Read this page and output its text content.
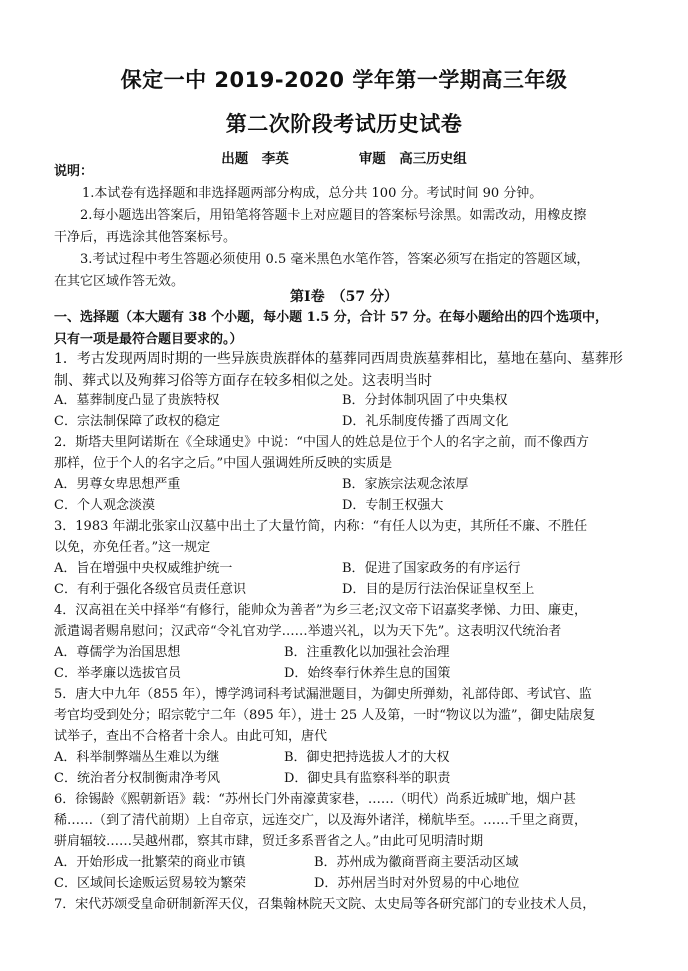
保定一中 2019-2020 学年第一学期高三年级
第二次阶段考试历史试卷
出题　李英	审题　高三历史组
说明：
1.本试卷有选择题和非选择题两部分构成，总分共 100 分。考试时间 90 分钟。
2.每小题选出答案后，用铅笔将答题卡上对应题目的答案标号涂黑。如需改动，用橡皮擦
干净后，再选涂其他答案标号。
3.考试过程中考生答题必须使用 0.5 毫米黑色水笔作答，答案必须写在指定的答题区域，
在其它区域作答无效。
第Ⅰ卷　（57 分）
一、选择题（本大题有 38 个小题，每小题 1.5 分，合计 57 分。在每小题给出的四个选项中，
只有一项是最符合题目要求的。）
1．考古发现两周时期的一些异族贵族群体的墓葬同西周贵族墓葬相比，墓地在墓向、墓葬形
制、葬式以及殉葬习俗等方面存在较多相似之处。这表明当时
A．墓葬制度凸显了贵族特权	B．分封体制巩固了中央集权
C．宗法制保障了政权的稳定	D．礼乐制度传播了西周文化
2．斯塔夫里阿诺斯在《全球通史》中说：“中国人的姓总是位于个人的名字之前，而不像西方
那样，位于个人的名字之后。”中国人强调姓所反映的实质是
A．男尊女卑思想严重	B．家族宗法观念浓厚
C．个人观念淡漠	D．专制王权强大
3．1983 年湖北张家山汉墓中出土了大量竹简，内称：“有任人以为吏，其所任不廉、不胜任
以免，亦免任者。”这一规定
A．旨在增强中央权威维护统一	B．促进了国家政务的有序运行
C．有利于强化各级官员责任意识	D．目的是厉行法治保证皇权至上
4．汉高祖在关中择举“有修行，能帅众为善者”为乡三老;汉文帝下诏嘉奖孝悌、力田、廉吏，
派遣谒者赐帛慰问；汉武帝“令礼官劝学……举遗兴礼，以为天下先”。这表明汉代统治者
A．尊儒学为治国思想	B．注重教化以加强社会治理
C．举孝廉以选拔官员	D．始终奉行休养生息的国策
5．唐大中九年（855 年），博学鸿词科考试漏泄题目，为御史所弹劾，礼部侍郎、考试官、监
考官均受到处分；昭宗乾宁二年（895 年），进士 25 人及第，一时“物议以为滥”，御史陆扆复
试举子，查出不合格者十余人。由此可知，唐代
A．科举制弊端丛生难以为继	B．御史把持选拔人才的大权
C．统治者分权制衡肃净考风	D．御史具有监察科举的职责
6．徐锡龄《熙朝新语》载：“苏州长门外南濠黄家巷，……（明代）尚系近城旷地，烟户甚
稀……（到了清代前期）上自帝京，远连交广，以及海外诸洋，梯航毕至。……千里之商贾，
骈肩辐较……吴越州郡，察其市肆，贸迁多系晋省之人。”由此可见明清时期
A．开始形成一批繁荣的商业市镇	B．苏州成为徽商晋商主要活动区域
C．区域间长途贩运贸易较为繁荣	D．苏州居当时对外贸易的中心地位
7．宋代苏颂受皇命研制新浑天仪，召集翰林院天文院、太史局等各研究部门的专业技术人员，
